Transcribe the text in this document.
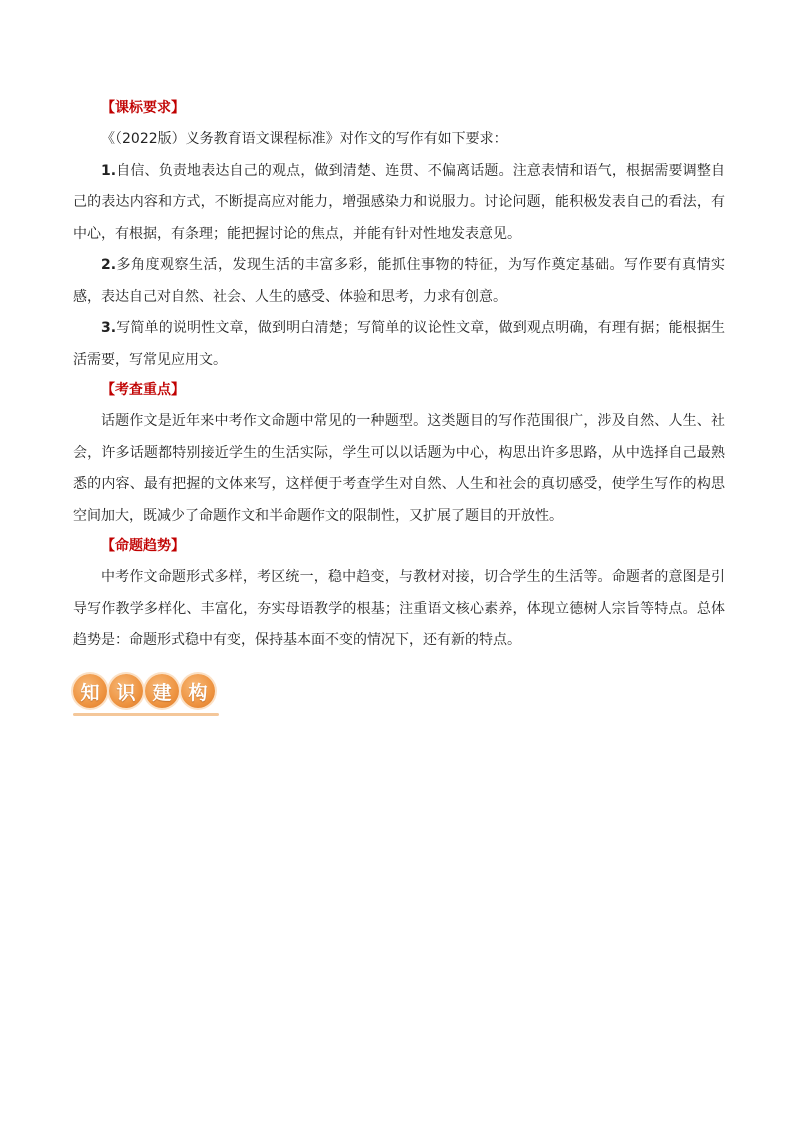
【课标要求】

《（2022版）义务教育语文课程标准》对作文的写作有如下要求：

1.自信、负责地表达自己的观点，做到清楚、连贯、不偏离话题。注意表情和语气，根据需要调整自己的表达内容和方式，不断提高应对能力，增强感染力和说服力。讨论问题，能积极发表自己的看法，有中心，有根据，有条理；能把握讨论的焦点，并能有针对性地发表意见。

2.多角度观察生活，发现生活的丰富多彩，能抓住事物的特征，为写作奠定基础。写作要有真情实感，表达自己对自然、社会、人生的感受、体验和思考，力求有创意。

3.写简单的说明性文章，做到明白清楚；写简单的议论性文章，做到观点明确，有理有据；能根据生活需要，写常见应用文。

【考查重点】

话题作文是近年来中考作文命题中常见的一种题型。这类题目的写作范围很广，涉及自然、人生、社会，许多话题都特别接近学生的生活实际，学生可以以话题为中心，构思出许多思路，从中选择自己最熟悉的内容、最有把握的文体来写，这样便于考查学生对自然、人生和社会的真切感受，使学生写作的构思空间加大，既减少了命题作文和半命题作文的限制性，又扩展了题目的开放性。

【命题趋势】

中考作文命题形式多样，考区统一，稳中趋变，与教材对接，切合学生的生活等。命题者的意图是引导写作教学多样化、丰富化，夯实母语教学的根基；注重语文核心素养，体现立德树人宗旨等特点。总体趋势是：命题形式稳中有变，保持基本面不变的情况下，还有新的特点。

知 识 建 构
